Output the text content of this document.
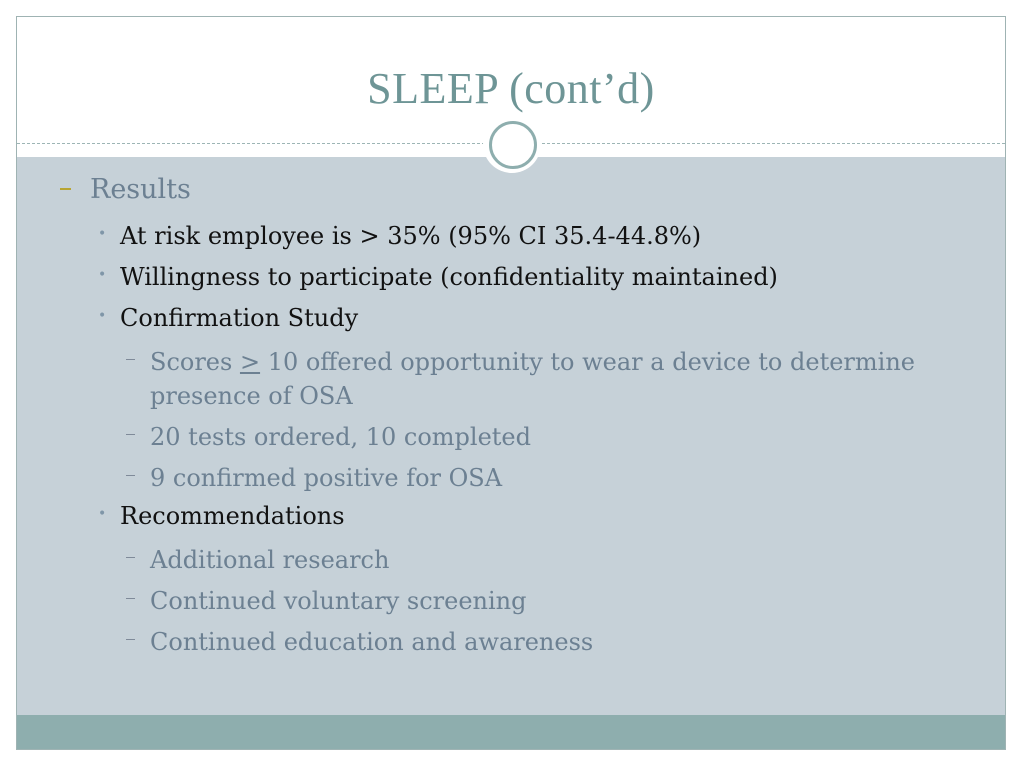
SLEEP (cont’d)
Results
• At risk employee is > 35% (95% CI 35.4-44.8%)
• Willingness to participate (confidentiality maintained)
• Confirmation Study
Scores ≥ 10 offered opportunity to wear a device to determine presence of OSA
20 tests ordered, 10 completed
9 confirmed positive for OSA
• Recommendations
Additional research
Continued voluntary screening
Continued education and awareness
